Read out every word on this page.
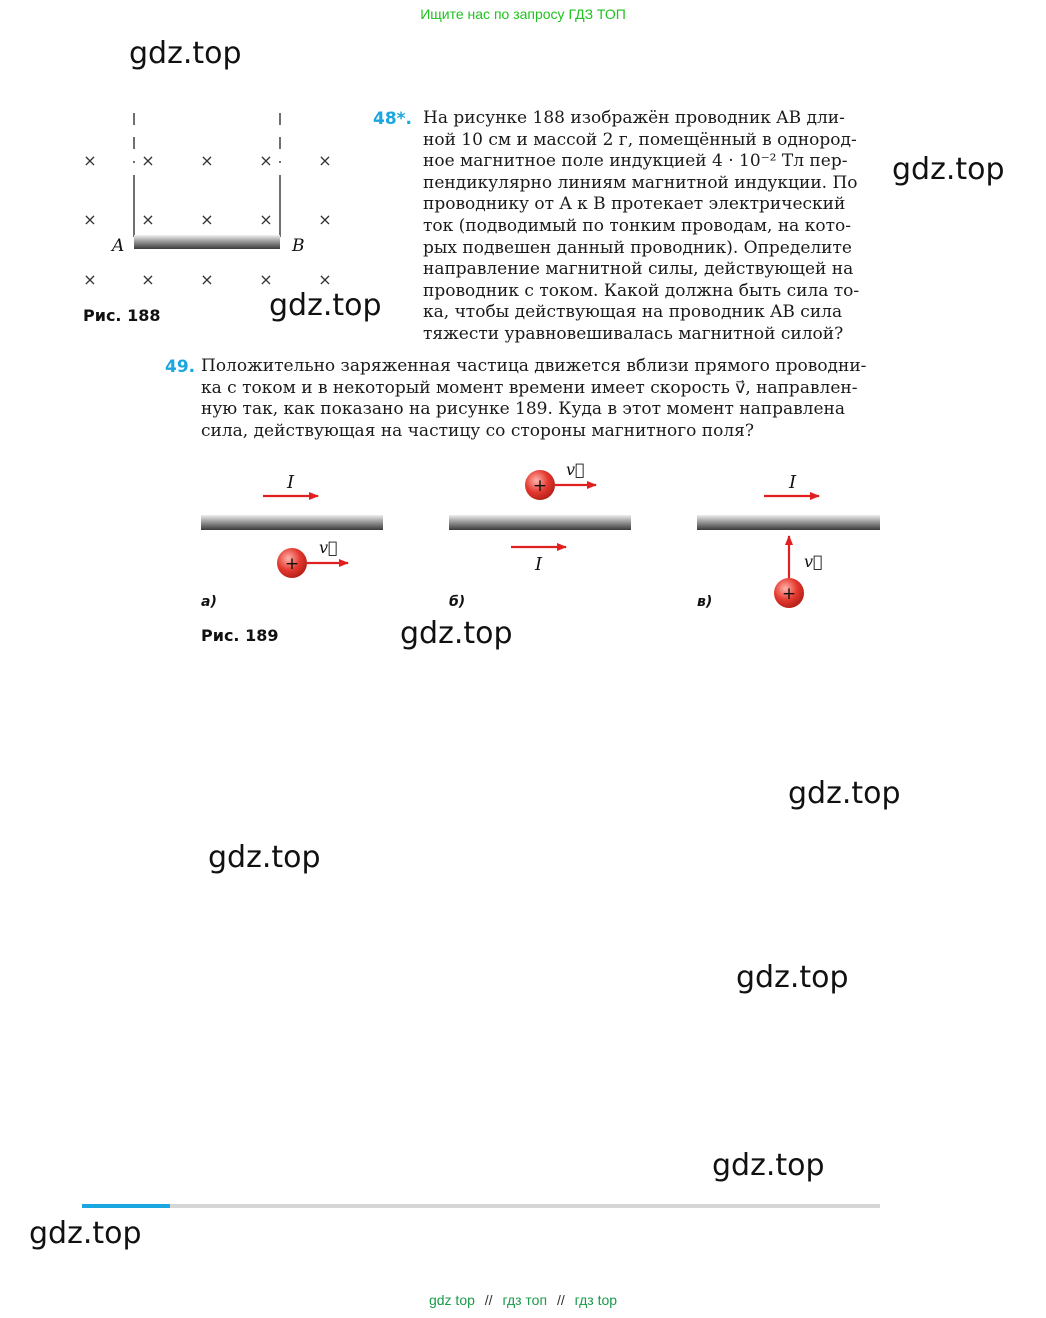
Ищите нас по запросу ГДЗ ТОП
gdz.top
gdz.top
gdz.top
gdz.top
gdz.top
gdz.top
gdz.top
gdz.top
gdz.top
×	×	×	×	×
×	×	×	×	×
×	×	×	×	×
A	B
Рис. 188
48*. На рисунке 188 изображён проводник AB дли-

ной 10 см и массой 2 г, помещённый в однород-

ное магнитное поле индукцией 4 · 10⁻² Тл пер-

пендикулярно линиям магнитной индукции. По

проводнику от A к B протекает электрический

ток (подводимый по тонким проводам, на кото-

рых подвешен данный проводник). Определите

направление магнитной силы, действующей на

проводник с током. Какой должна быть сила то-

ка, чтобы действующая на проводник AB сила

тяжести уравновешивалась магнитной силой?

49. Положительно заряженная частица движется вблизи прямого проводни-

ка с током и в некоторый момент времени имеет скорость v⃗, направлен-

ную так, как показано на рисунке 189. Куда в этот момент направлена

сила, действующая на частицу со стороны магнитного поля?

I
+
v⃗
+
v⃗
I
I
+
v⃗
а)	б)	в)
Рис. 189
gdz top // гдз топ // гдз top
